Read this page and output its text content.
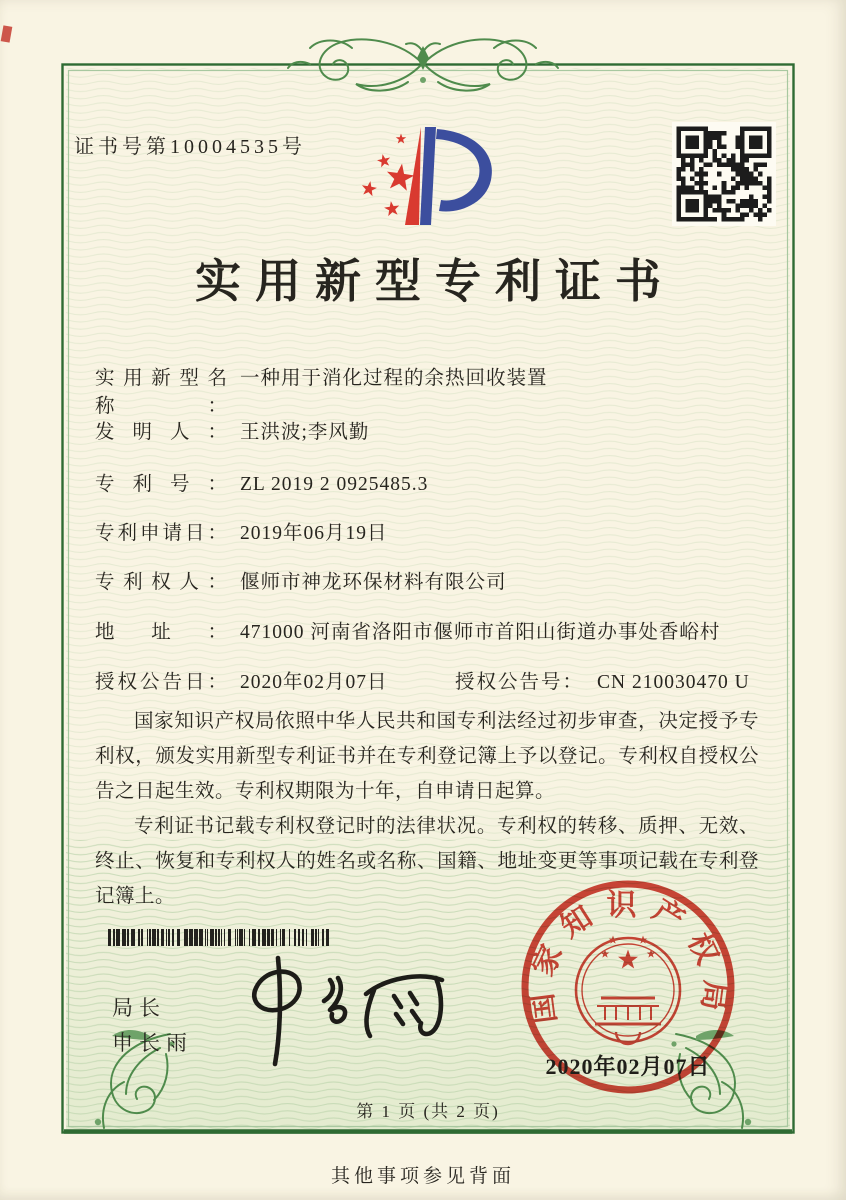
证书号第10004535号
实用新型专利证书
实用新型名称：
一种用于消化过程的余热回收装置
发明人： 王洪波;李风勤
专利号： ZL 2019 2 0925485.3
专利申请日： 2019年06月19日
专利权人： 偃师市神龙环保材料有限公司
地址： 471000 河南省洛阳市偃师市首阳山街道办事处香峪村
授权公告日： 2020年02月07日	授权公告号： CN 210030470 U

国家知识产权局依照中华人民共和国专利法经过初步审查，决定授予专利权，颁发实用新型专利证书并在专利登记簿上予以登记。专利权自授权公告之日起生效。专利权期限为十年，自申请日起算。

专利证书记载专利权登记时的法律状况。专利权的转移、质押、无效、终止、恢复和专利权人的姓名或名称、国籍、地址变更等事项记载在专利登记簿上。

局长
申长雨
国家知识产权局
2020年02月07日
第 1 页 (共 2 页)
其他事项参见背面
